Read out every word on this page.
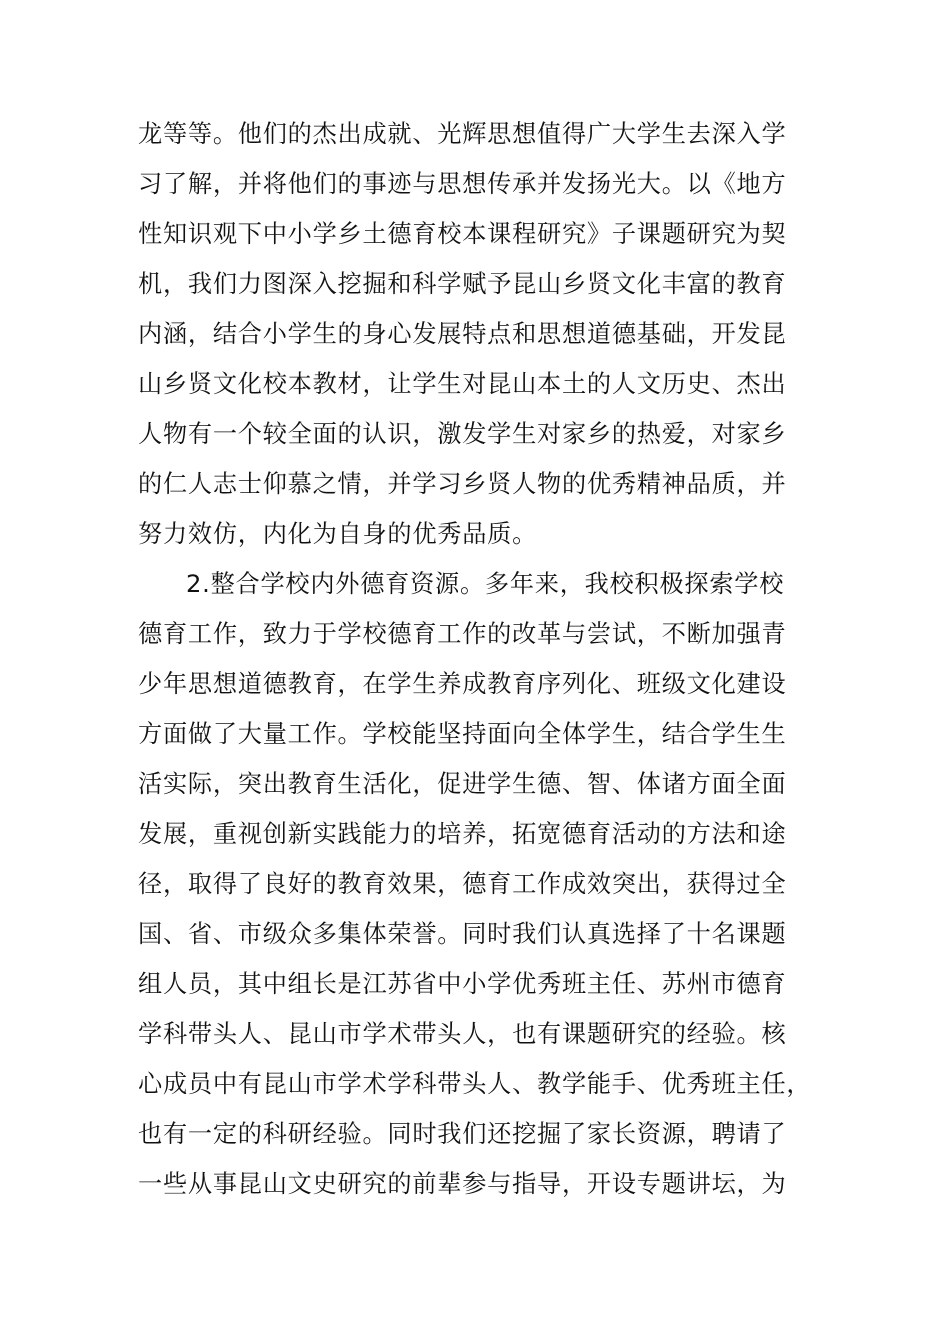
龙等等。他们的杰出成就、光辉思想值得广大学生去深入学
习了解，并将他们的事迹与思想传承并发扬光大。以《地方
性知识观下中小学乡土德育校本课程研究》子课题研究为契
机，我们力图深入挖掘和科学赋予昆山乡贤文化丰富的教育
内涵，结合小学生的身心发展特点和思想道德基础，开发昆
山乡贤文化校本教材，让学生对昆山本土的人文历史、杰出
人物有一个较全面的认识，激发学生对家乡的热爱，对家乡
的仁人志士仰慕之情，并学习乡贤人物的优秀精神品质，并
努力效仿，内化为自身的优秀品质。
2.整合学校内外德育资源。多年来，我校积极探索学校
德育工作，致力于学校德育工作的改革与尝试，不断加强青
少年思想道德教育，在学生养成教育序列化、班级文化建设
方面做了大量工作。学校能坚持面向全体学生，结合学生生
活实际，突出教育生活化，促进学生德、智、体诸方面全面
发展，重视创新实践能力的培养，拓宽德育活动的方法和途
径，取得了良好的教育效果，德育工作成效突出，获得过全
国、省、市级众多集体荣誉。同时我们认真选择了十名课题
组人员，其中组长是江苏省中小学优秀班主任、苏州市德育
学科带头人、昆山市学术带头人，也有课题研究的经验。核
心成员中有昆山市学术学科带头人、教学能手、优秀班主任，
也有一定的科研经验。同时我们还挖掘了家长资源，聘请了
一些从事昆山文史研究的前辈参与指导，开设专题讲坛，为
